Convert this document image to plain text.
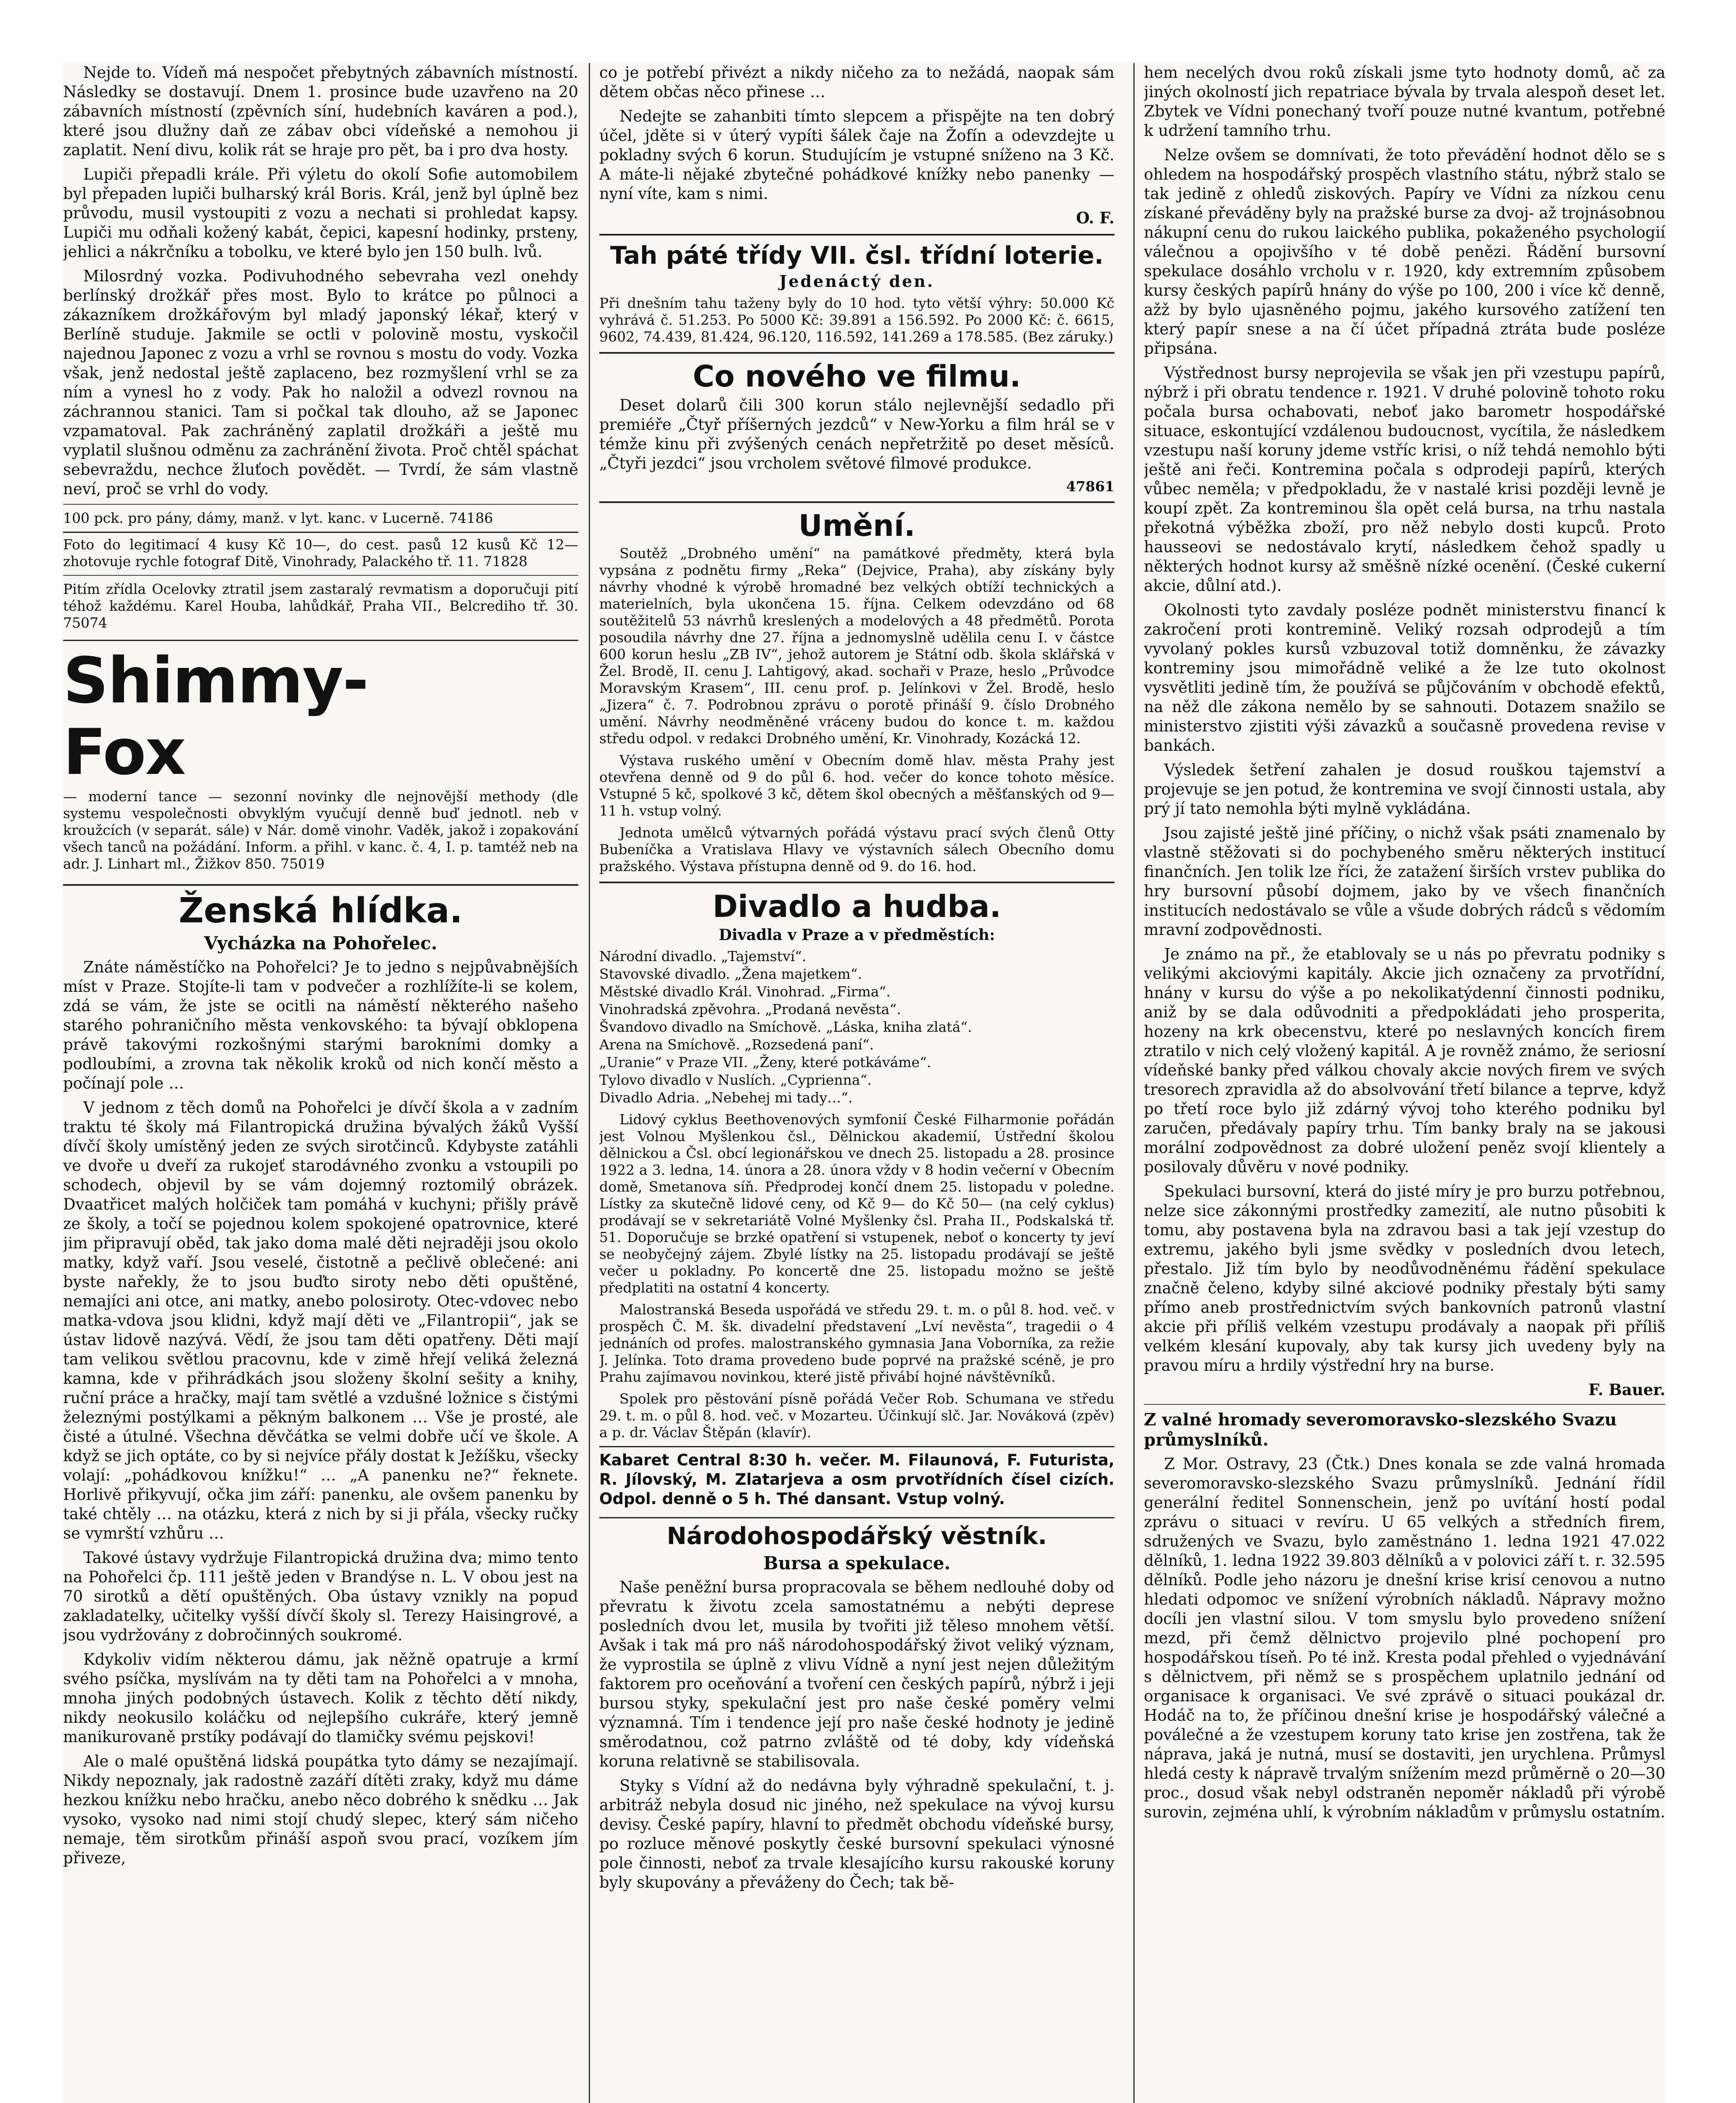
Nejde to. Vídeň má nespočet přebytných zábavních místností. Následky se dostavují. Dnem 1. prosince bude uzavřeno na 20 zábavních místností (zpěvních síní, hudebních kaváren a pod.), které jsou dlužny daň ze zábav obci vídeňské a nemohou ji zaplatit. Není divu, kolik rát se hraje pro pět, ba i pro dva hosty.

Lupiči přepadli krále. Při výletu do okolí Sofie automobilem byl přepaden lupiči bulharský král Boris. Král, jenž byl úplně bez průvodu, musil vystoupiti z vozu a nechati si prohledat kapsy. Lupiči mu odňali kožený kabát, čepici, kapesní hodinky, prsteny, jehlici a nákrčníku a tobolku, ve které bylo jen 150 bulh. lvů.

Milosrdný vozka. Podivuhodného sebevraha vezl onehdy berlínský drožkář přes most. Bylo to krátce po půlnoci a zákazníkem drožkářovým byl mladý japonský lékař, který v Berlíně studuje. Jakmile se octli v polovině mostu, vyskočil najednou Japonec z vozu a vrhl se rovnou s mostu do vody. Vozka však, jenž nedostal ještě zaplaceno, bez rozmyšlení vrhl se za ním a vynesl ho z vody. Pak ho naložil a odvezl rovnou na záchrannou stanici. Tam si počkal tak dlouho, až se Japonec vzpamatoval. Pak zachráněný zaplatil drožkáři a ještě mu vyplatil slušnou odměnu za zachránění života. Proč chtěl spáchat sebevraždu, nechce žluťoch povědět. — Tvrdí, že sám vlastně neví, proč se vrhl do vody.

100 pck. pro pány, dámy, manž. v lyt. kanc. v Lucerně. 74186

Foto do legitimací 4 kusy Kč 10—, do cest. pasů 12 kusů Kč 12— zhotovuje rychle fotograf Ditě, Vinohrady, Palackého tř. 11. 71828

Pitím zřídla Ocelovky ztratil jsem zastaralý revmatism a doporučuji pití téhož každému. Karel Houba, lahůdkář, Praha VII., Belcrediho tř. 30. 75074

Shimmy-Fox

— moderní tance — sezonní novinky dle nejnovější methody (dle systemu vespolečnosti obvyklým vyučují denně buď jednotl. neb v kroužcích (v separát. sále) v Nár. domě vinohr. Vaděk, jakož i zopakování všech tanců na požádání. Inform. a přihl. v kanc. č. 4, I. p. tamtéž neb na adr. J. Linhart ml., Žižkov 850. 75019

Ženská hlídka.
Vycházka na Pohořelec.

Znáte náměstíčko na Pohořelci? Je to jedno s nejpůvabnějších míst v Praze. Stojíte-li tam v podvečer a rozhlížíte-li se kolem, zdá se vám, že jste se ocitli na náměstí některého našeho starého pohraničního města venkovského: ta bývají obklopena právě takovými rozkošnými starými barokními domky a podloubími, a zrovna tak několik kroků od nich končí město a počínají pole …

V jednom z těch domů na Pohořelci je dívčí škola a v zadním traktu té školy má Filantropická družina bývalých žáků Vyšší dívčí školy umístěný jeden ze svých sirotčinců. Kdybyste zatáhli ve dvoře u dveří za rukojeť starodávného zvonku a vstoupili po schodech, objevil by se vám dojemný roztomilý obrázek. Dvaatřicet malých holčiček tam pomáhá v kuchyni; přišly právě ze školy, a točí se pojednou kolem spokojené opatrovnice, které jim připravují oběd, tak jako doma malé děti nejraději jsou okolo matky, když vaří. Jsou veselé, čistotně a pečlivě oblečené: ani byste nařekly, že to jsou buďto siroty nebo děti opuštěné, nemajíci ani otce, ani matky, anebo polosiroty. Otec-vdovec nebo matka-vdova jsou klidni, když mají děti ve „Filantropii“, jak se ústav lidově nazývá. Vědí, že jsou tam děti opatřeny. Děti mají tam velikou světlou pracovnu, kde v zimě hřejí veliká železná kamna, kde v přihrádkách jsou složeny školní sešity a knihy, ruční práce a hračky, mají tam světlé a vzdušné ložnice s čistými železnými postýlkami a pěkným balkonem … Vše je prosté, ale čisté a útulné. Všechna děvčátka se velmi dobře učí ve škole. A když se jich optáte, co by si nejvíce přály dostat k Ježíšku, všecky volají: „pohádkovou knížku!“ … „A panenku ne?“ řeknete. Horlivě přikyvují, očka jim září: panenku, ale ovšem panenku by také chtěly … na otázku, která z nich by si ji přála, všecky ručky se vymrští vzhůru …

Takové ústavy vydržuje Filantropická družina dva; mimo tento na Pohořelci čp. 111 ještě jeden v Brandýse n. L. V obou jest na 70 sirotků a dětí opuštěných. Oba ústavy vznikly na popud zakladatelky, učitelky vyšší dívčí školy sl. Terezy Haisingrové, a jsou vydržovány z dobročinných soukromé.

Kdykoliv vidím některou dámu, jak něžně opatruje a krmí svého psíčka, myslívám na ty děti tam na Pohořelci a v mnoha, mnoha jiných podobných ústavech. Kolik z těchto dětí nikdy, nikdy neokusilo koláčku od nejlepšího cukráře, který jemně manikurovaně prstíky podávají do tlamičky svému pejskovi!

Ale o malé opuštěná lidská poupátka tyto dámy se nezajímají. Nikdy nepoznaly, jak radostně zazáří dítěti zraky, když mu dáme hezkou knížku nebo hračku, anebo něco dobrého k snědku … Jak vysoko, vysoko nad nimi stojí chudý slepec, který sám ničeho nemaje, těm sirotkům přináší aspoň svou prací, vozíkem jím přiveze,

co je potřebí přivézt a nikdy ničeho za to nežádá, naopak sám dětem občas něco přinese …

Nedejte se zahanbiti tímto slepcem a přispějte na ten dobrý účel, jděte si v úterý vypíti šálek čaje na Žofín a odevzdejte u pokladny svých 6 korun. Studujícím je vstupné sníženo na 3 Kč. A máte-li nějaké zbytečné pohádkové knížky nebo panenky — nyní víte, kam s nimi.

O. F.
Tah páté třídy VII. čsl. třídní loterie.
Jedenáctý den.

Při dnešním tahu taženy byly do 10 hod. tyto větší výhry: 50.000 Kč vyhrává č. 51.253. Po 5000 Kč: 39.891 a 156.592. Po 2000 Kč: č. 6615, 9602, 74.439, 81.424, 96.120, 116.592, 141.269 a 178.585. (Bez záruky.)

Co nového ve filmu.

Deset dolarů čili 300 korun stálo nejlevnější sedadlo při premiéře „Čtyř příšerných jezdců“ v New-Yorku a film hrál se v témže kinu při zvýšených cenách nepřetržitě po deset měsíců. „Čtyři jezdci“ jsou vrcholem světové filmové produkce.

47861
Umění.

Soutěž „Drobného umění“ na památkové předměty, která byla vypsána z podnětu firmy „Reka“ (Dejvice, Praha), aby získány byly návrhy vhodné k výrobě hromadné bez velkých obtíží technických a materielních, byla ukončena 15. října. Celkem odevzdáno od 68 soutěžitelů 53 návrhů kreslených a modelových a 48 předmětů. Porota posoudila návrhy dne 27. října a jednomyslně udělila cenu I. v částce 600 korun heslu „ZB IV“, jehož autorem je Státní odb. škola sklářská v Žel. Brodě, II. cenu J. Lahtigový, akad. sochaři v Praze, heslo „Průvodce Moravským Krasem“, III. cenu prof. p. Jelínkovi v Žel. Brodě, heslo „Jizera“ č. 7. Podrobnou zprávu o porotě přináší 9. číslo Drobného umění. Návrhy neodměněné vráceny budou do konce t. m. každou středu odpol. v redakci Drobného umění, Kr. Vinohrady, Kozácká 12.

Výstava ruského umění v Obecním domě hlav. města Prahy jest otevřena denně od 9 do půl 6. hod. večer do konce tohoto měsíce. Vstupné 5 kč, spolkové 3 kč, dětem škol obecných a měšťanských od 9—11 h. vstup volný.

Jednota umělců výtvarných pořádá výstavu prací svých členů Otty Bubeníčka a Vratislava Hlavy ve výstavních sálech Obecního domu pražského. Výstava přístupna denně od 9. do 16. hod.

Divadlo a hudba.
Divadla v Praze a v předměstích:

Národní divadlo. „Tajemství“.

Stavovské divadlo. „Žena majetkem“.

Městské divadlo Král. Vinohrad. „Firma“.

Vinohradská zpěvohra. „Prodaná nevěsta“.

Švandovo divadlo na Smíchově. „Láska, kniha zlatá“.

Arena na Smíchově. „Rozsedená paní“.

„Uranie“ v Praze VII. „Ženy, které potkáváme“.

Tylovo divadlo v Nuslích. „Cyprienna“.

Divadlo Adria. „Nebehej mi tady…“.

Lidový cyklus Beethovenových symfonií České Filharmonie pořádán jest Volnou Myšlenkou čsl., Dělnickou akademií, Ústřední školou dělnickou a Čsl. obcí legionářskou ve dnech 25. listopadu a 28. prosince 1922 a 3. ledna, 14. února a 28. února vždy v 8 hodin večerní v Obecním domě, Smetanova síň. Předprodej končí dnem 25. listopadu v poledne. Lístky za skutečně lidové ceny, od Kč 9— do Kč 50— (na celý cyklus) prodávají se v sekretariátě Volné Myšlenky čsl. Praha II., Podskalská tř. 51. Doporučuje se brzké opatření si vstupenek, neboť o koncerty ty jeví se neobyčejný zájem. Zbylé lístky na 25. listopadu prodávají se ještě večer u pokladny. Po koncertě dne 25. listopadu možno se ještě předplatiti na ostatní 4 koncerty.

Malostranská Beseda uspořádá ve středu 29. t. m. o půl 8. hod. več. v prospěch Č. M. šk. divadelní představení „Lví nevěsta“, tragedii o 4 jednáních od profes. malostranského gymnasia Jana Voborníka, za režie J. Jelínka. Toto drama provedeno bude poprvé na pražské scéně, je pro Prahu zajímavou novinkou, které jistě přivábí hojné návštěvníků.

Spolek pro pěstování písně pořádá Večer Rob. Schumana ve středu 29. t. m. o půl 8. hod. več. v Mozarteu. Účinkují slč. Jar. Nováková (zpěv) a p. dr. Václav Štěpán (klavír).

Kabaret Central 8:30 h. večer. M. Filaunová, F. Futurista, R. Jílovský, M. Zlatarjeva a osm prvotřídních čísel cizích. Odpol. denně o 5 h. Thé dansant. Vstup volný.

Národohospodářský věstník.
Bursa a spekulace.

Naše peněžní bursa propracovala se během nedlouhé doby od převratu k životu zcela samostatnému a nebýti deprese posledních dvou let, musila by tvořiti již těleso mnohem větší. Avšak i tak má pro náš národohospodářský život veliký význam, že vyprostila se úplně z vlivu Vídně a nyní jest nejen důležitým faktorem pro oceňování a tvoření cen českých papírů, nýbrž i jeji bursou styky, spekulační jest pro naše české poměry velmi významná. Tím i tendence její pro naše české hodnoty je jedině směrodatnou, což patrno zvláště od té doby, kdy vídeňská koruna relativně se stabilisovala.

Styky s Vídní až do nedávna byly výhradně spekulační, t. j. arbitráž nebyla dosud nic jiného, než spekulace na vývoj kursu devisy. České papíry, hlavní to předmět obchodu vídeňské bursy, po rozluce měnové poskytly české bursovní spekulaci výnosné pole činnosti, neboť za trvale klesajícího kursu rakouské koruny byly skupovány a převáženy do Čech; tak bě-

hem necelých dvou roků získali jsme tyto hodnoty domů, ač za jiných okolností jich repatriace bývala by trvala alespoň deset let. Zbytek ve Vídni ponechaný tvoří pouze nutné kvantum, potřebné k udržení tamního trhu.

Nelze ovšem se domnívati, že toto převádění hodnot dělo se s ohledem na hospodářský prospěch vlastního státu, nýbrž stalo se tak jedině z ohledů ziskových. Papíry ve Vídni za nízkou cenu získané převáděny byly na pražské burse za dvoj- až trojnásobnou nákupní cenu do rukou laického publika, pokaženého psychologií válečnou a opojivšího v té době penězi. Řádění bursovní spekulace dosáhlo vrcholu v r. 1920, kdy extremním způsobem kursy českých papírů hnány do výše po 100, 200 i více kč denně, ažž by bylo ujasněného pojmu, jakého kursového zatížení ten který papír snese a na čí účet případná ztráta bude posléze připsána.

Výstřednost bursy neprojevila se však jen při vzestupu papírů, nýbrž i při obratu tendence r. 1921. V druhé polovině tohoto roku počala bursa ochabovati, neboť jako barometr hospodářské situace, eskontující vzdálenou budoucnost, vycítila, že následkem vzestupu naší koruny jdeme vstříc krisi, o níž tehdá nemohlo býti ještě ani řeči. Kontremina počala s odprodeji papírů, kterých vůbec neměla; v předpokladu, že v nastalé krisi později levně je koupí zpět. Za kontreminou šla opět celá bursa, na trhu nastala překotná výběžka zboží, pro něž nebylo dosti kupců. Proto hausseovi se nedostávalo krytí, následkem čehož spadly u některých hodnot kursy až směšně nízké ocenění. (České cukerní akcie, důlní atd.).

Okolnosti tyto zavdaly posléze podnět ministerstvu financí k zakročení proti kontremině. Veliký rozsah odprodejů a tím vyvolaný pokles kursů vzbuzoval totiž domněnku, že závazky kontreminy jsou mimořádně veliké a že lze tuto okolnost vysvětliti jedině tím, že používá se půjčováním v obchodě efektů, na něž dle zákona nemělo by se sahnouti. Dotazem snažilo se ministerstvo zjistiti výši závazků a současně provedena revise v bankách.

Výsledek šetření zahalen je dosud rouškou tajemství a projevuje se jen potud, že kontremina ve svojí činnosti ustala, aby prý jí tato nemohla býti mylně vykládána.

Jsou zajisté ještě jiné příčiny, o nichž však psáti znamenalo by vlastně stěžovati si do pochybeného směru některých institucí finančních. Jen tolik lze říci, že zatažení širších vrstev publika do hry bursovní působí dojmem, jako by ve všech finančních institucích nedostávalo se vůle a všude dobrých rádců s vědomím mravní zodpovědnosti.

Je známo na př., že etablovaly se u nás po převratu podniky s velikými akciovými kapitály. Akcie jich označeny za prvotřídní, hnány v kursu do výše a po nekolikatýdenní činnosti podniku, aniž by se dala odůvodniti a předpokládati jeho prosperita, hozeny na krk obecenstvu, které po neslavných koncích firem ztratilo v nich celý vložený kapitál. A je rovněž známo, že seriosní vídeňské banky před válkou chovaly akcie nových firem ve svých tresorech zpravidla až do absolvování třetí bilance a teprve, když po třetí roce bylo již zdárný vývoj toho kterého podniku byl zaručen, předávaly papíry trhu. Tím banky braly na se jakousi morální zodpovědnost za dobré uložení peněz svojí klientely a posilovaly důvěru v nové podniky.

Spekulaci bursovní, která do jisté míry je pro burzu potřebnou, nelze sice zákonnými prostředky zamezití, ale nutno působiti k tomu, aby postavena byla na zdravou basi a tak její vzestup do extremu, jakého byli jsme svědky v posledních dvou letech, přestalo. Již tím bylo by neodůvodněnému řádění spekulace značně čeleno, kdyby silné akciové podniky přestaly býti samy přímo aneb prostřednictvím svých bankovních patronů vlastní akcie při příliš velkém vzestupu prodávaly a naopak při příliš velkém klesání kupovaly, aby tak kursy jich uvedeny byly na pravou míru a hrdily výstřední hry na burse.

F. Bauer.
Z valné hromady severomoravsko-slezského Svazu průmyslníků.

Z Mor. Ostravy, 23 (Čtk.) Dnes konala se zde valná hromada severomoravsko-slezského Svazu průmyslníků. Jednání řídil generální ředitel Sonnenschein, jenž po uvítání hostí podal zprávu o situaci v revíru. U 65 velkých a středních firem, sdružených ve Svazu, bylo zaměstnáno 1. ledna 1921 47.022 dělníků, 1. ledna 1922 39.803 dělníků a v polovici září t. r. 32.595 dělníků. Podle jeho názoru je dnešní krise krisí cenovou a nutno hledati odpomoc ve snížení výrobních nákladů. Nápravy možno docíli jen vlastní silou. V tom smyslu bylo provedeno snížení mezd, při čemž dělnictvo projevilo plné pochopení pro hospodářskou tíseň. Po té inž. Kresta podal přehled o vyjednávání s dělnictvem, při němž se s prospěchem uplatnilo jednání od organisace k organisaci. Ve své zprávě o situaci poukázal dr. Hodáč na to, že příčinou dnešní krise je hospodářský válečné a poválečné a že vzestupem koruny tato krise jen zostřena, tak že náprava, jaká je nutná, musí se dostaviti, jen urychlena. Průmysl hledá cesty k nápravě trvalým snížením mezd průměrně o 20—30 proc., dosud však nebyl odstraněn nepoměr nákladů při výrobě surovin, zejména uhlí, k výrobním nákladům v průmyslu ostatním.
